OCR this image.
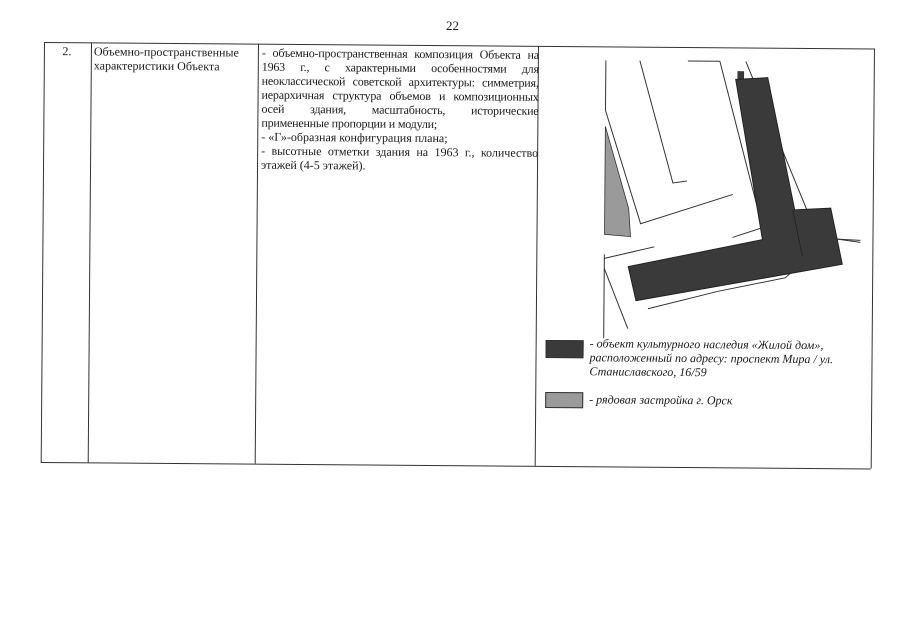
22
2.	Объемно-пространственные характеристики Объекта

- объемно-пространственная композиция Объекта на 1963 г., с характерными особенностями для неоклассической советской архитектуры: симметрия, иерархичная структура объемов и композиционных осей здания, масштабность, исторические примененные пропорции и модули;

- «Г»-образная конфигурация плана;

- высотные отметки здания на 1963 г., количество этажей (4-5 этажей).

- объект культурного наследия «Жилой дом», расположенный по адресу: проспект Мира / ул. Станиславского, 16/59
- рядовая застройка г. Орск
